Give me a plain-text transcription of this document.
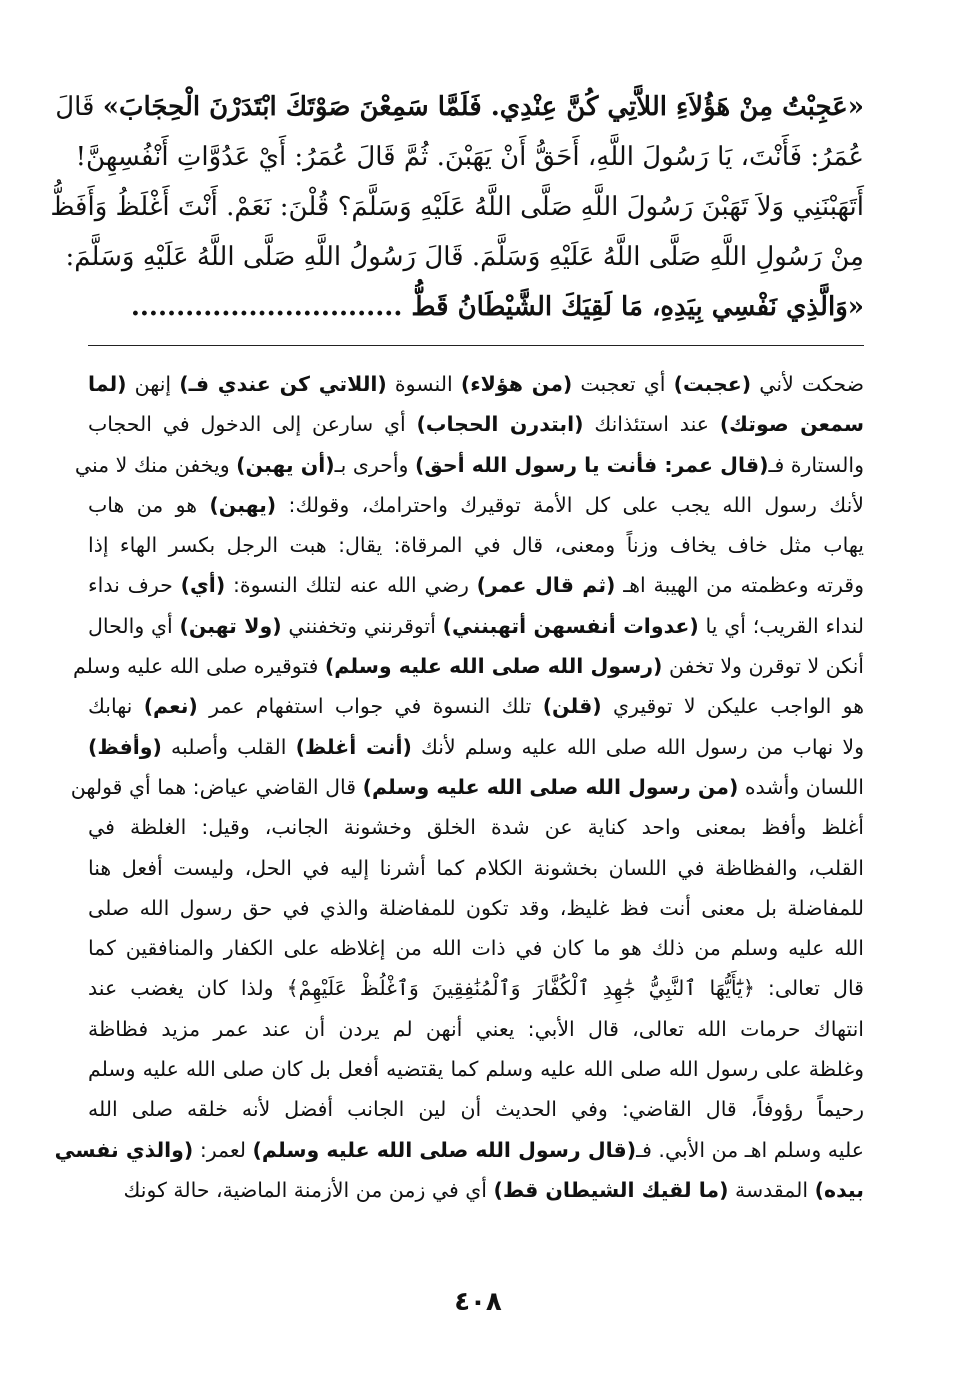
«عَجِبْتُ مِنْ هَؤُلاَءِ اللاَّتِي كُنَّ عِنْدِي. فَلَمَّا سَمِعْنَ صَوْتَكَ ابْتَدَرْنَ الْحِجَابَ» قَالَ
عُمَرُ: فَأَنْتَ، يَا رَسُولَ اللَّهِ، أَحَقُّ أَنْ يَهَبْنَ. ثُمَّ قَالَ عُمَرُ: أَيْ عَدُوَّاتِ أَنْفُسِهِنَّ!
أَتَهَبْنَنِي وَلاَ تَهَبْنَ رَسُولَ اللَّهِ صَلَّى اللَّهُ عَلَيْهِ وَسَلَّمَ؟ قُلْنَ: نَعَمْ. أَنْتَ أَغْلَظُ وَأَفَظُّ
مِنْ رَسُولِ اللَّهِ صَلَّى اللَّهُ عَلَيْهِ وَسَلَّمَ. قَالَ رَسُولُ اللَّهِ صَلَّى اللَّهُ عَلَيْهِ وَسَلَّمَ:
«وَالَّذِي نَفْسِي بِيَدِهِ، مَا لَقِيَكَ الشَّيْطَانُ قَطُّ ..............................
ضحكت لأني (عجبت) أي تعجبت (من هؤلاء) النسوة (اللاتي كن عندي فـ) إنهن (لما
سمعن صوتك) عند استئذانك (ابتدرن الحجاب) أي سارعن إلى الدخول في الحجاب
والستارة فـ(قال عمر: فأنت يا رسول الله أحق) وأحرى بـ(أن يهبن) ويخفن منك لا مني
لأنك رسول الله يجب على كل الأمة توقيرك واحترامك، وقولك: (يهبن) هو من هاب
يهاب مثل خاف يخاف وزناً ومعنى، قال في المرقاة: يقال: هبت الرجل بكسر الهاء إذا
وقرته وعظمته من الهيبة اهـ (ثم قال عمر) رضي الله عنه لتلك النسوة: (أي) حرف نداء
لنداء القريب؛ أي يا (عدوات أنفسهن أتهبنني) أتوقرنني وتخفنني (ولا تهبن) أي والحال
أنكن لا توقرن ولا تخفن (رسول الله صلى الله عليه وسلم) فتوقيره صلى الله عليه وسلم
هو الواجب عليكن لا توقيري (قلن) تلك النسوة في جواب استفهام عمر (نعم) نهابك
ولا نهاب من رسول الله صلى الله عليه وسلم لأنك (أنت أغلظ) القلب وأصلبه (وأفظ)
اللسان وأشده (من رسول الله صلى الله عليه وسلم) قال القاضي عياض: هما أي قولهن
أغلظ وأفظ بمعنى واحد كناية عن شدة الخلق وخشونة الجانب، وقيل: الغلظة في
القلب، والفظاظة في اللسان بخشونة الكلام كما أشرنا إليه في الحل، وليست أفعل هنا
للمفاضلة بل معنى أنت فظ غليظ، وقد تكون للمفاضلة والذي في حق رسول الله صلى
الله عليه وسلم من ذلك هو ما كان في ذات الله من إغلاظه على الكفار والمنافقين كما
قال تعالى: ﴿يَٰٓأَيُّهَا ٱلنَّبِيُّ جَٰهِدِ ٱلْكُفَّارَ وَٱلْمُنَٰفِقِينَ وَٱغْلُظْ عَلَيْهِمْ﴾ ولذا كان يغضب عند
انتهاك حرمات الله تعالى، قال الأبي: يعني أنهن لم يردن أن عند عمر مزيد فظاظة
وغلظة على رسول الله صلى الله عليه وسلم كما يقتضيه أفعل بل كان صلى الله عليه وسلم
رحيماً رؤوفاً، قال القاضي: وفي الحديث أن لين الجانب أفضل لأنه خلقه صلى الله
عليه وسلم اهـ من الأبي. فـ(قال رسول الله صلى الله عليه وسلم) لعمر: (والذي نفسي
بيده) المقدسة (ما لقيك الشيطان قط) أي في زمن من الأزمنة الماضية، حالة كونك
٤٠٨
